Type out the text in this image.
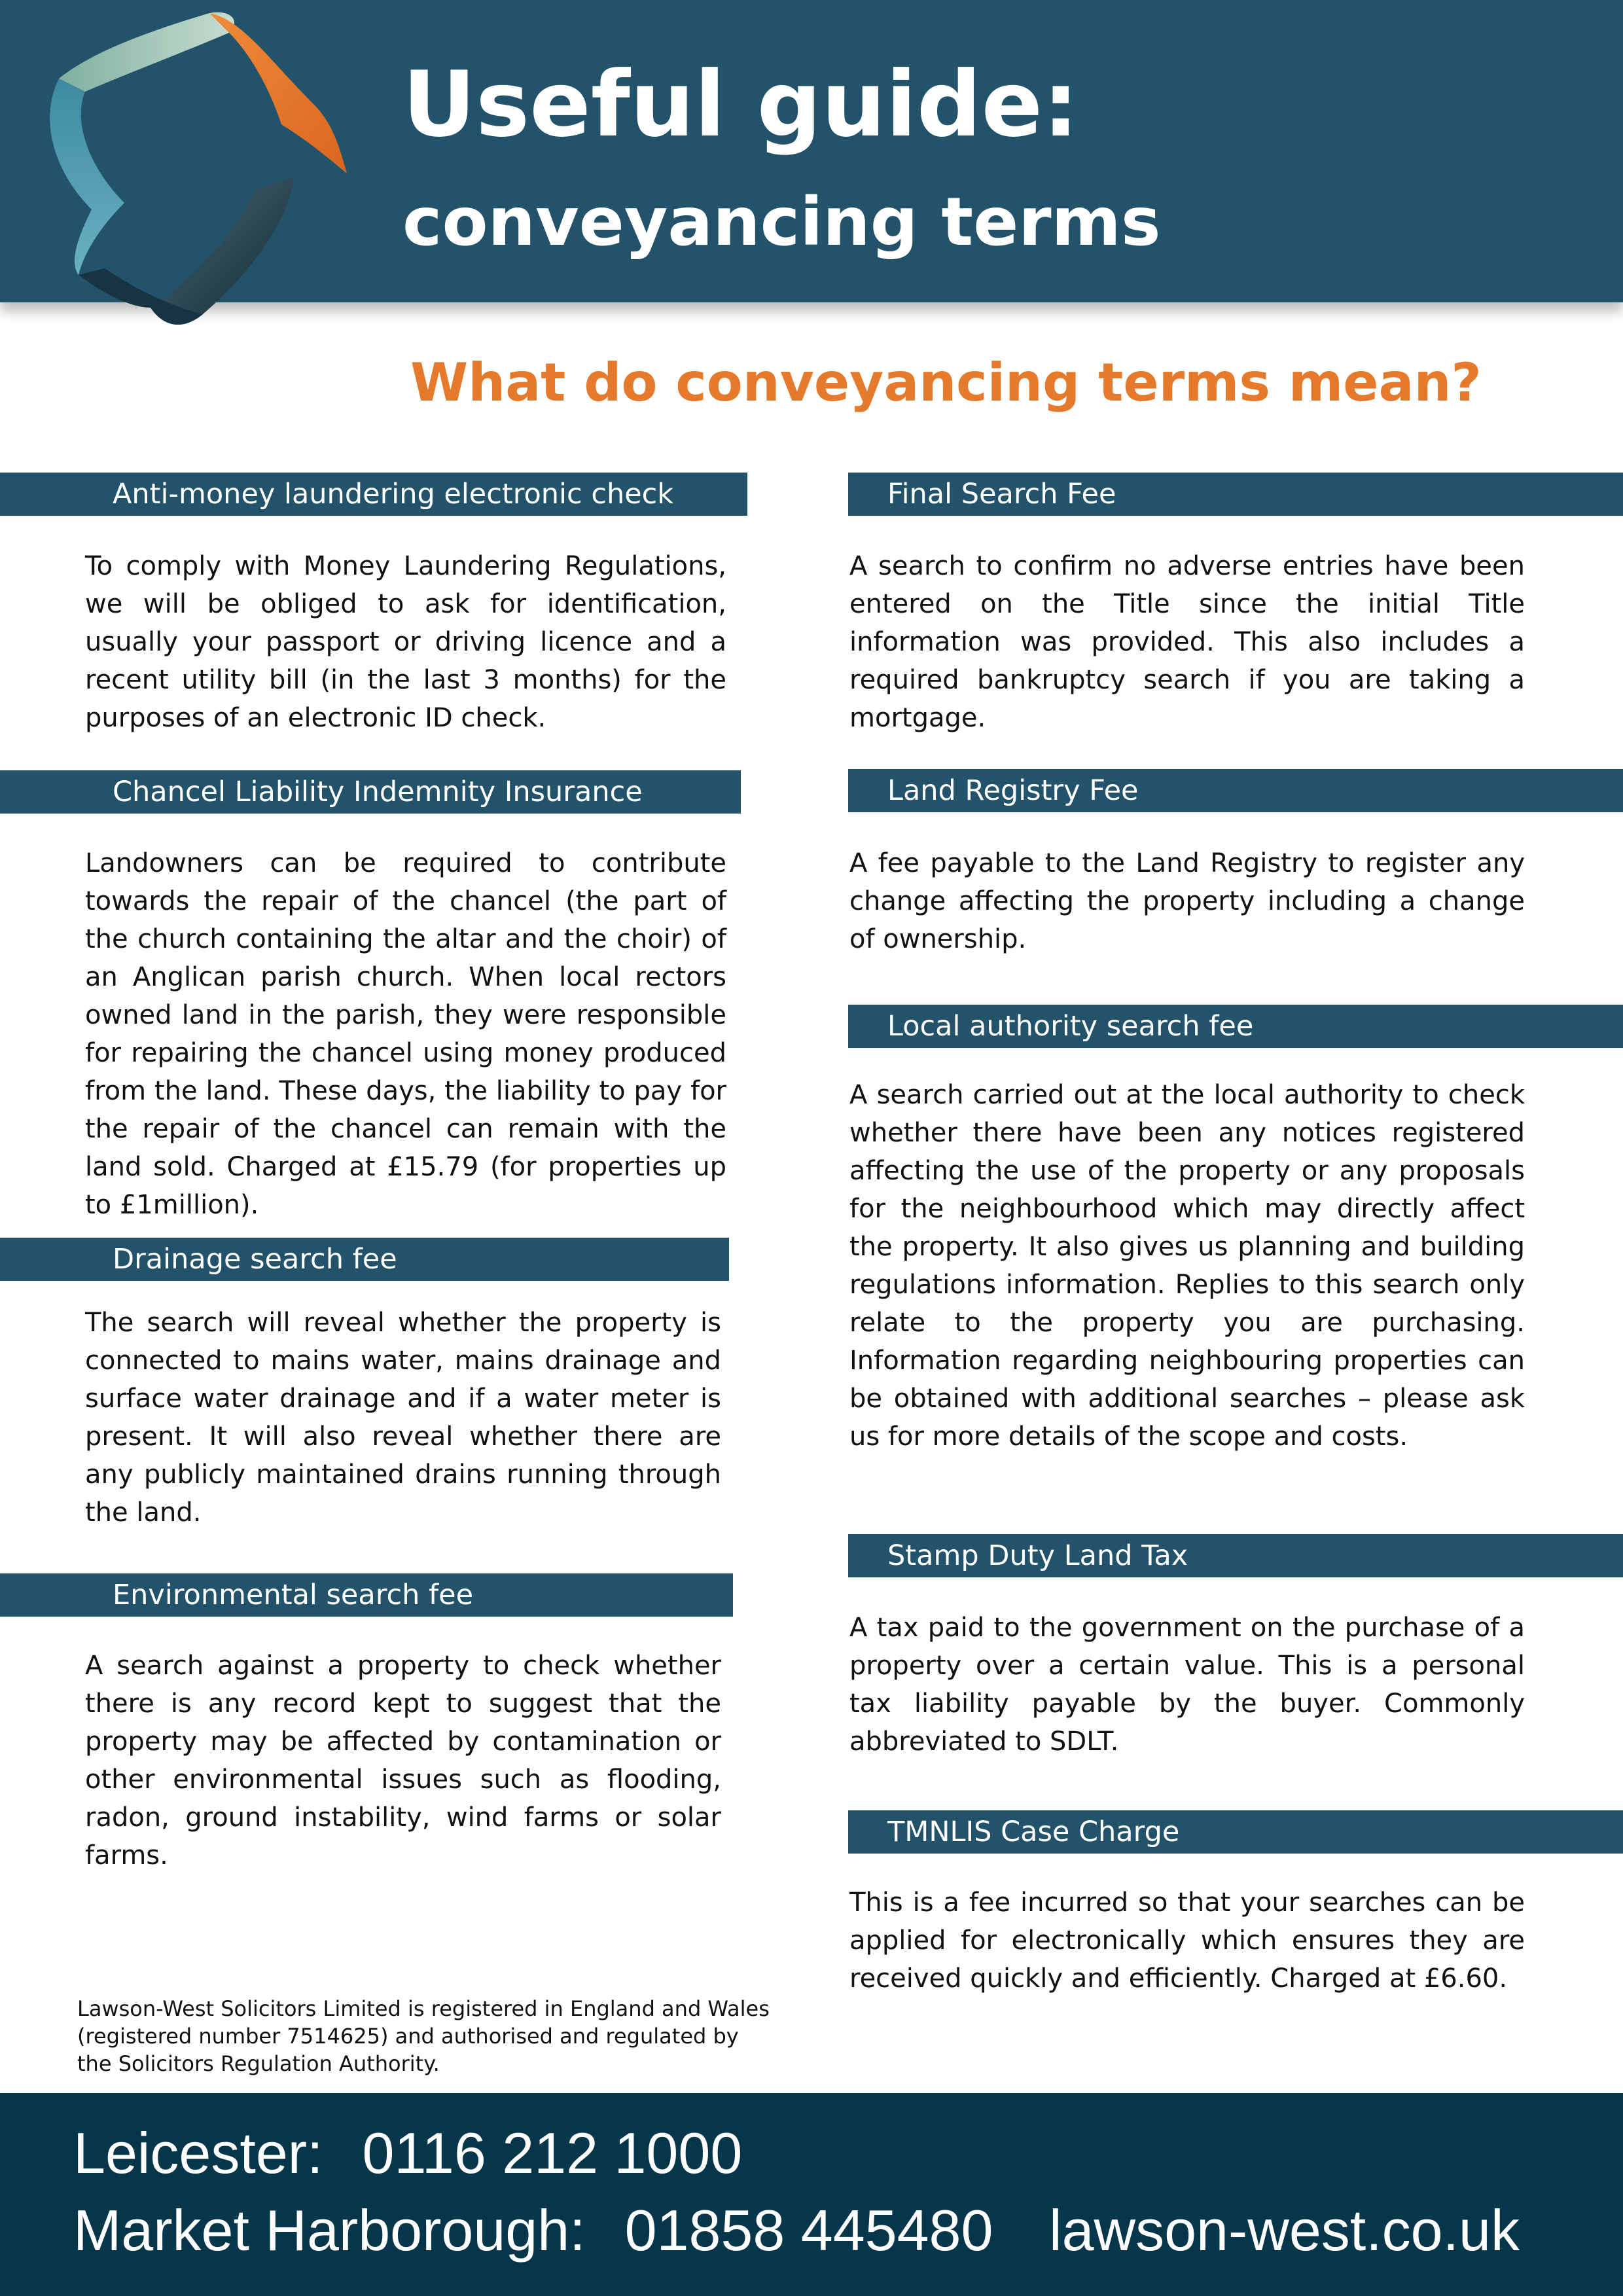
Useful guide:
conveyancing terms
What do conveyancing terms mean?
Anti-money laundering electronic check

To comply with Money Laundering Regulations, we will be obliged to ask for identification, usually your passport or driving licence and a recent utility bill (in the last 3 months) for the purposes of an electronic ID check.

Chancel Liability Indemnity Insurance

Landowners can be required to contribute towards the repair of the chancel (the part of the church containing the altar and the choir) of an Anglican parish church. When local rectors owned land in the parish, they were responsible for repairing the chancel using money produced from the land. These days, the liability to pay for the repair of the chancel can remain with the land sold. Charged at £15.79 (for properties up to £1million).

Drainage search fee

The search will reveal whether the property is connected to mains water, mains drainage and surface water drainage and if a water meter is present. It will also reveal whether there are any publicly maintained drains running through the land.

Environmental search fee

A search against a property to check whether there is any record kept to suggest that the property may be affected by contamination or other environmental issues such as flooding, radon, ground instability, wind farms or solar farms.

Lawson-West Solicitors Limited is registered in England and Wales (registered number 7514625) and authorised and regulated by the Solicitors Regulation Authority.

Final Search Fee

A search to confirm no adverse entries have been entered on the Title since the initial Title information was provided. This also includes a required bankruptcy search if you are taking a mortgage.

Land Registry Fee

A fee payable to the Land Registry to register any change affecting the property including a change of ownership.

Local authority search fee

A search carried out at the local authority to check whether there have been any notices registered affecting the use of the property or any proposals for the neighbourhood which may directly affect the property. It also gives us planning and building regulations information. Replies to this search only relate to the property you are purchasing. Information regarding neighbouring properties can be obtained with additional searches – please ask us for more details of the scope and costs.

Stamp Duty Land Tax

A tax paid to the government on the purchase of a property over a certain value. This is a personal tax liability payable by the buyer. Commonly abbreviated to SDLT.

TMNLIS Case Charge

This is a fee incurred so that your searches can be applied for electronically which ensures they are received quickly and efficiently. Charged at £6.60.

Leicester: 0116 212 1000
Market Harborough: 01858 445480 lawson-west.co.uk
